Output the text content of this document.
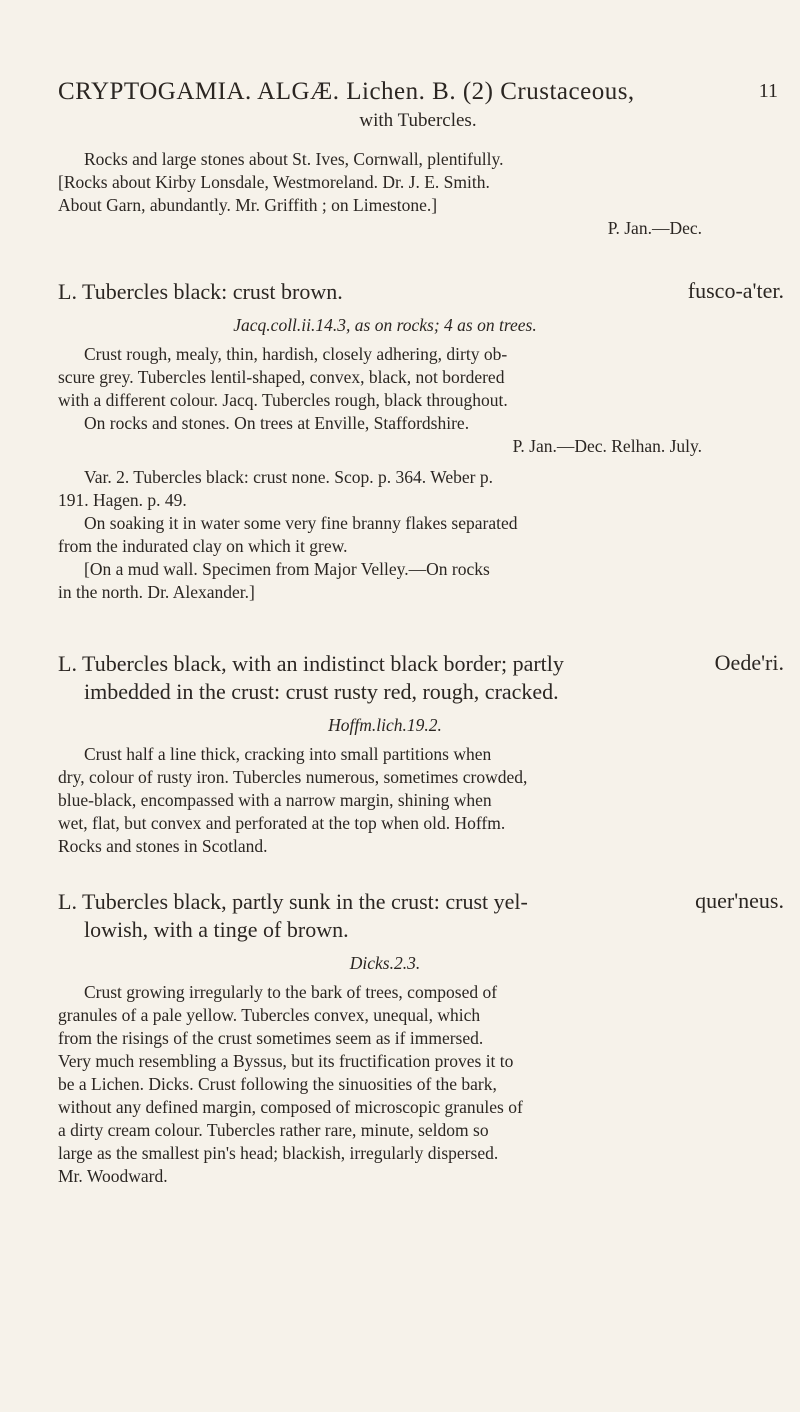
CRYPTOGAMIA. ALGÆ. Lichen. B. (2) Crustaceous,
with Tubercles.
11

Rocks and large stones about St. Ives, Cornwall, plentifully.

[Rocks about Kirby Lonsdale, Westmoreland. Dr. J. E. Smith.

About Garn, abundantly. Mr. Griffith ; on Limestone.]

P. Jan.—Dec.

fusco-a'ter.

L. Tubercles black: crust brown.

Jacq.coll.ii.14.3, as on rocks; 4 as on trees.

Crust rough, mealy, thin, hardish, closely adhering, dirty ob-

scure grey. Tubercles lentil-shaped, convex, black, not bordered

with a different colour. Jacq. Tubercles rough, black throughout.

On rocks and stones. On trees at Enville, Staffordshire.

P. Jan.—Dec. Relhan. July.

Var. 2. Tubercles black: crust none. Scop. p. 364. Weber p.

191. Hagen. p. 49.

On soaking it in water some very fine branny flakes separated

from the indurated clay on which it grew.

[On a mud wall. Specimen from Major Velley.—On rocks

in the north. Dr. Alexander.]

Oede'ri.

L. Tubercles black, with an indistinct black border; partly

imbedded in the crust: crust rusty red, rough, cracked.

Hoffm.lich.19.2.

Crust half a line thick, cracking into small partitions when

dry, colour of rusty iron. Tubercles numerous, sometimes crowded,

blue-black, encompassed with a narrow margin, shining when

wet, flat, but convex and perforated at the top when old. Hoffm.

Rocks and stones in Scotland.

quer'neus.

L. Tubercles black, partly sunk in the crust: crust yel-

lowish, with a tinge of brown.

Dicks.2.3.

Crust growing irregularly to the bark of trees, composed of

granules of a pale yellow. Tubercles convex, unequal, which

from the risings of the crust sometimes seem as if immersed.

Very much resembling a Byssus, but its fructification proves it to

be a Lichen. Dicks. Crust following the sinuosities of the bark,

without any defined margin, composed of microscopic granules of

a dirty cream colour. Tubercles rather rare, minute, seldom so

large as the smallest pin's head; blackish, irregularly dispersed.

Mr. Woodward.
